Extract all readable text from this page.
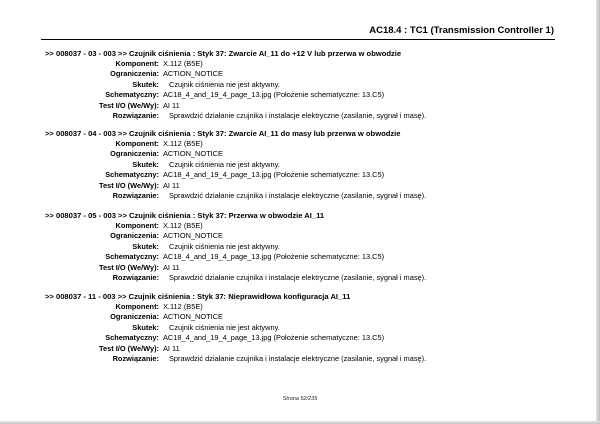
AC18.4 : TC1 (Transmission Controller 1)
>> 008037 - 03 - 003 >> Czujnik ciśnienia : Styk 37: Zwarcie AI_11 do +12 V lub przerwa w obwodzie
Komponent: X.112 (B5E)
Ograniczenia: ACTION_NOTICE
Skutek:	Czujnik ciśnienia nie jest aktywny.
Schematyczny: AC18_4_and_19_4_page_13.jpg (Położenie schematyczne: 13.C5)
Test I/O (We/Wy): AI 11
Rozwiązanie:	Sprawdzić działanie czujnika i instalacje elektryczne (zasilanie, sygnał i masę).
>> 008037 - 04 - 003 >> Czujnik ciśnienia : Styk 37: Zwarcie AI_11 do masy lub przerwa w obwodzie
Komponent: X.112 (B5E)
Ograniczenia: ACTION_NOTICE
Skutek:	Czujnik ciśnienia nie jest aktywny.
Schematyczny: AC18_4_and_19_4_page_13.jpg (Położenie schematyczne: 13.C5)
Test I/O (We/Wy): AI 11
Rozwiązanie:	Sprawdzić działanie czujnika i instalacje elektryczne (zasilanie, sygnał i masę).
>> 008037 - 05 - 003 >> Czujnik ciśnienia : Styk 37: Przerwa w obwodzie AI_11
Komponent: X.112 (B5E)
Ograniczenia: ACTION_NOTICE
Skutek:	Czujnik ciśnienia nie jest aktywny.
Schematyczny: AC18_4_and_19_4_page_13.jpg (Położenie schematyczne: 13.C5)
Test I/O (We/Wy): AI 11
Rozwiązanie:	Sprawdzić działanie czujnika i instalacje elektryczne (zasilanie, sygnał i masę).
>> 008037 - 11 - 003 >> Czujnik ciśnienia : Styk 37: Nieprawidłowa konfiguracja AI_11
Komponent: X.112 (B5E)
Ograniczenia: ACTION_NOTICE
Skutek:	Czujnik ciśnienia nie jest aktywny.
Schematyczny: AC18_4_and_19_4_page_13.jpg (Położenie schematyczne: 13.C5)
Test I/O (We/Wy): AI 11
Rozwiązanie:	Sprawdzić działanie czujnika i instalacje elektryczne (zasilanie, sygnał i masę).
Strona 52/235
